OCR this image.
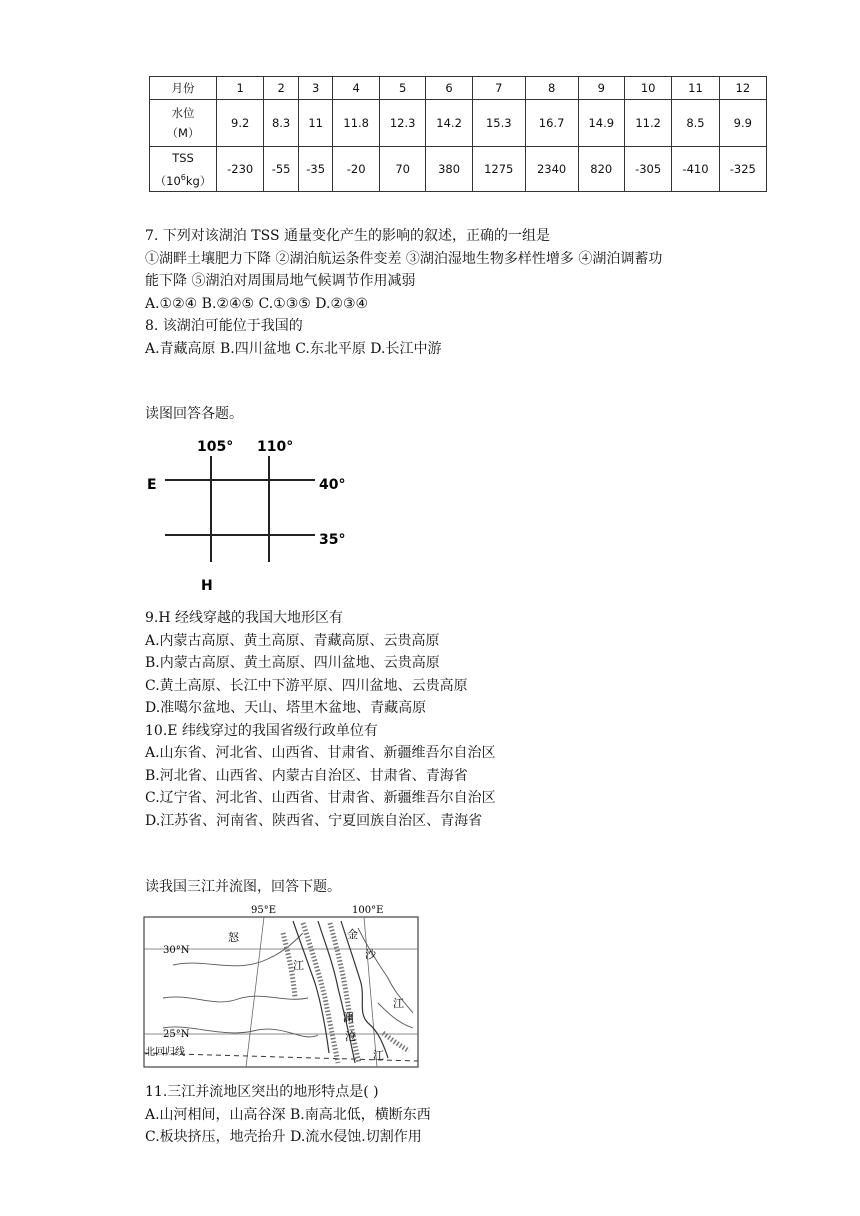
月份	1	2	3	4	5	6	7	8	9	10	11	12

水位
（M）	9.2	8.3	11	11.8	12.3	14.2	15.3	16.7	14.9	11.2	8.5	9.9

TSS
$(10^6kg)$	-230	-55	-35	-20	70	380	1275	2340	820	-305	-410	-325
7. 下列对该湖泊 TSS 通量变化产生的影响的叙述，正确的一组是
①湖畔土壤肥力下降 ②湖泊航运条件变差 ③湖泊湿地生物多样性增多 ④湖泊调蓄功
能下降 ⑤湖泊对周围局地气候调节作用减弱
A.①②④ B.②④⑤ C.①③⑤ D.②③④
8. 该湖泊可能位于我国的
A.青藏高原 B.四川盆地 C.东北平原 D.长江中游
读图回答各题。
105° 110°
40°
35°
E
H
9.H 经线穿越的我国大地形区有
A.内蒙古高原、黄土高原、青藏高原、云贵高原
B.内蒙古高原、黄土高原、四川盆地、云贵高原
C.黄土高原、长江中下游平原、四川盆地、云贵高原
D.准噶尔盆地、天山、塔里木盆地、青藏高原
10.E 纬线穿过的我国省级行政单位有
A.山东省、河北省、山西省、甘肃省、新疆维吾尔自治区
B.河北省、山西省、内蒙古自治区、甘肃省、青海省
C.辽宁省、河北省、山西省、甘肃省、新疆维吾尔自治区
D.江苏省、河南省、陕西省、宁夏回族自治区、青海省
读我国三江并流图，回答下题。
95°E	100°E
30°N
25°N
北回归线
怒
江
金
沙
江
澜
沧
江
11.三江并流地区突出的地形特点是( )
A.山河相间，山高谷深 B.南高北低，横断东西
C.板块挤压，地壳抬升 D.流水侵蚀.切割作用
